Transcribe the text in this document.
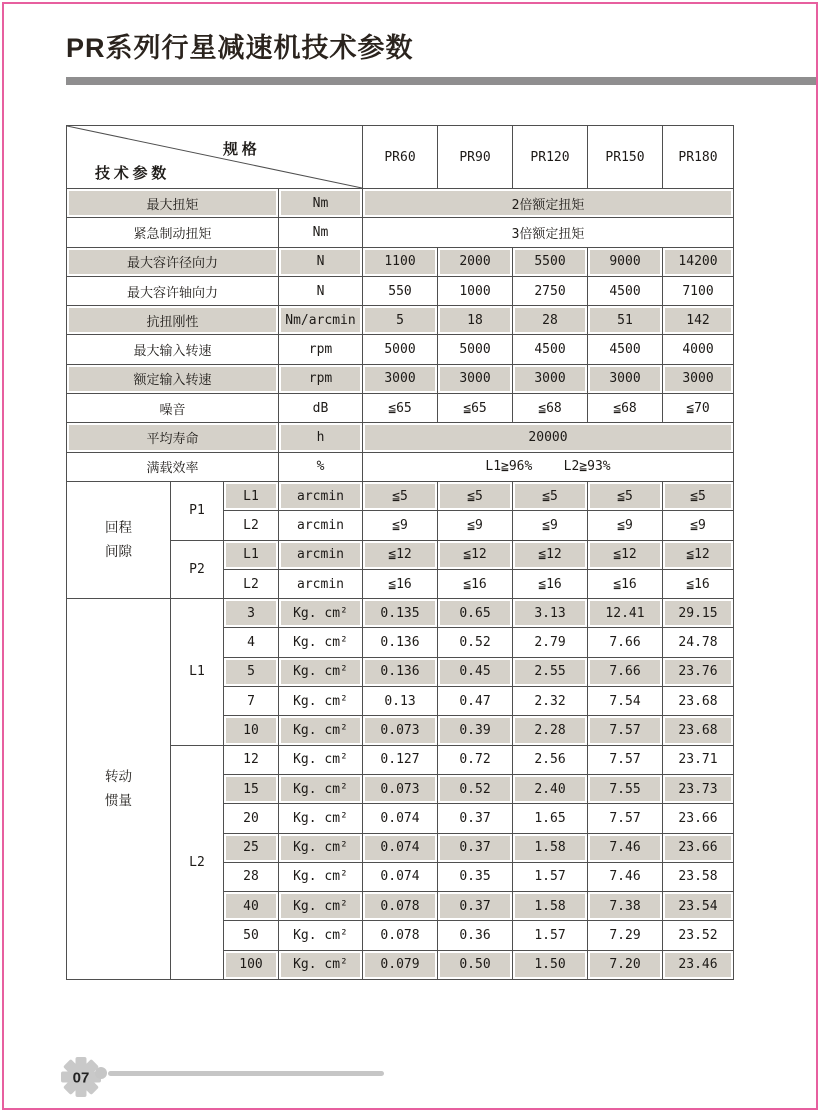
PR系列行星减速机技术参数
规 格
技 术 参 数				PR60	PR90	PR120	PR150	PR180
最大扭矩			Nm	2倍额定扭矩				
紧急制动扭矩			Nm	3倍额定扭矩				
最大容许径向力			N	1100	2000	5500	9000	14200
最大容许轴向力			N	550	1000	2750	4500	7100
抗扭刚性			Nm/arcmin	5	18	28	51	142
最大输入转速			rpm	5000	5000	4500	4500	4000
额定输入转速			rpm	3000	3000	3000	3000	3000
噪音			dB	≦65	≦65	≦68	≦68	≦70
平均寿命			h	20000				
满载效率			%	L1≧96%    L2≧93%				
回程间隙	P1	L1	arcmin	≦5	≦5	≦5	≦5	≦5
		L2	arcmin	≦9	≦9	≦9	≦9	≦9
	P2	L1	arcmin	≦12	≦12	≦12	≦12	≦12
		L2	arcmin	≦16	≦16	≦16	≦16	≦16
转动惯量	L1	3	Kg. cm²	0.135	0.65	3.13	12.41	29.15
		4	Kg. cm²	0.136	0.52	2.79	7.66	24.78
		5	Kg. cm²	0.136	0.45	2.55	7.66	23.76
		7	Kg. cm²	0.13	0.47	2.32	7.54	23.68
		10	Kg. cm²	0.073	0.39	2.28	7.57	23.68
	L2	12	Kg. cm²	0.127	0.72	2.56	7.57	23.71
		15	Kg. cm²	0.073	0.52	2.40	7.55	23.73
		20	Kg. cm²	0.074	0.37	1.65	7.57	23.66
		25	Kg. cm²	0.074	0.37	1.58	7.46	23.66
		28	Kg. cm²	0.074	0.35	1.57	7.46	23.58
		40	Kg. cm²	0.078	0.37	1.58	7.38	23.54
		50	Kg. cm²	0.078	0.36	1.57	7.29	23.52
		100	Kg. cm²	0.079	0.50	1.50	7.20	23.46
07
